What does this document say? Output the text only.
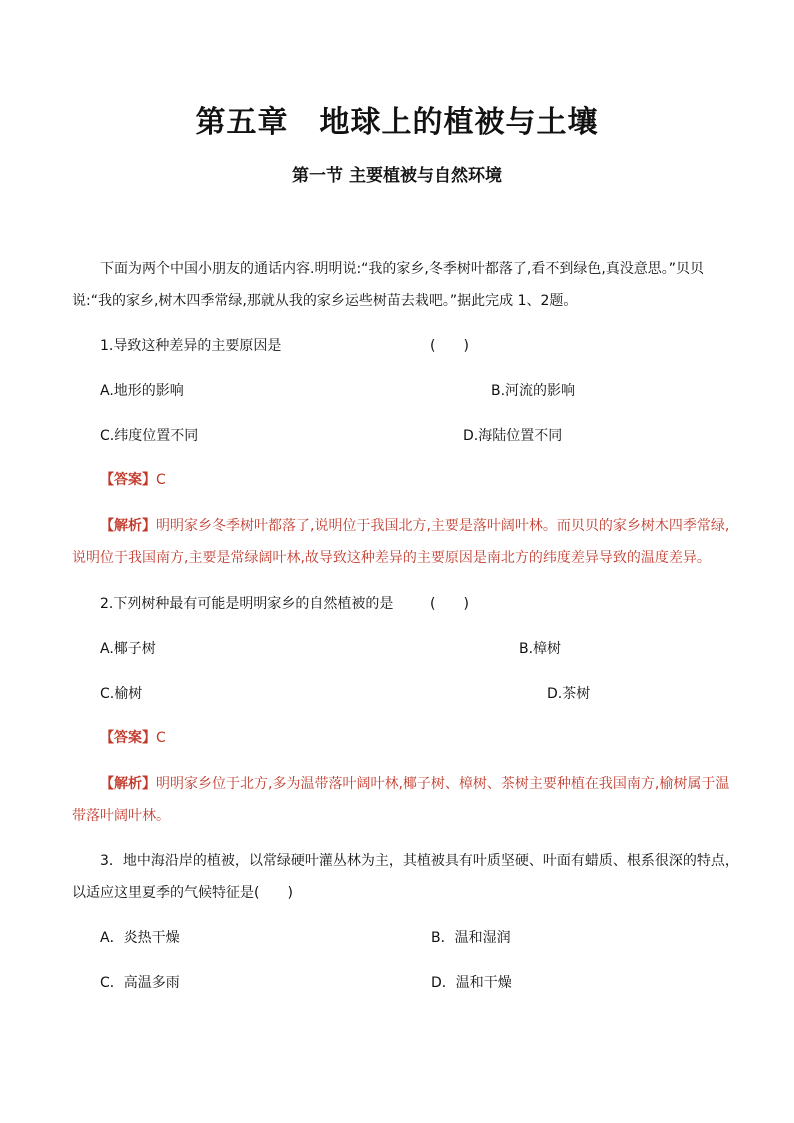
第五章　地球上的植被与土壤
第一节 主要植被与自然环境
下面为两个中国小朋友的通话内容.明明说:“我的家乡,冬季树叶都落了,看不到绿色,真没意思。”贝贝
说:“我的家乡,树木四季常绿,那就从我的家乡运些树苗去栽吧。”据此完成 1、2题。
1.导致这种差异的主要原因是	(　　)
A.地形的影响	B.河流的影响
C.纬度位置不同	D.海陆位置不同
【答案】C
【解析】明明家乡冬季树叶都落了,说明位于我国北方,主要是落叶阔叶林。而贝贝的家乡树木四季常绿,
说明位于我国南方,主要是常绿阔叶林,故导致这种差异的主要原因是南北方的纬度差异导致的温度差异。
2.下列树种最有可能是明明家乡的自然植被的是	(　　)
A.椰子树	B.樟树
C.榆树	D.茶树
【答案】C
【解析】明明家乡位于北方,多为温带落叶阔叶林,椰子树、樟树、茶树主要种植在我国南方,榆树属于温
带落叶阔叶林。
3．地中海沿岸的植被，以常绿硬叶灌丛林为主，其植被具有叶质坚硬、叶面有蜡质、根系很深的特点，
以适应这里夏季的气候特征是(　　)
A．炎热干燥	B．温和湿润
C．高温多雨	D．温和干燥
